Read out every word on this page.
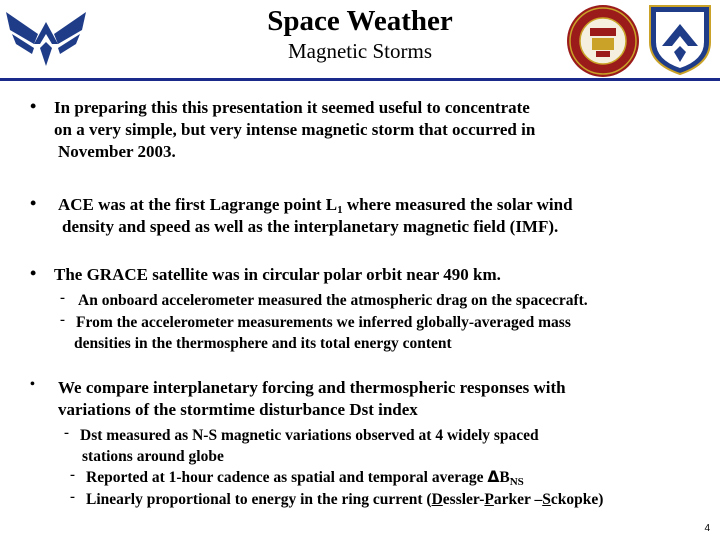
Space Weather
Magnetic Storms
• In preparing this this presentation it seemed useful to concentrate

on a very simple, but very intense magnetic storm that occurred in

November 2003.

• ACE was at the first Lagrange point $L_1$ where measured the solar wind

density and speed as well as the interplanetary magnetic field (IMF).

• The GRACE satellite was in circular polar orbit near 490 km.

- An onboard accelerometer measured the atmospheric drag on the spacecraft.

- From the accelerometer measurements we inferred globally-averaged mass

densities in the thermosphere and its total energy content

• We compare interplanetary forcing and thermospheric responses with

variations of the stormtime disturbance Dst index

- Dst measured as N-S magnetic variations observed at 4 widely spaced

stations around globe

- Reported at 1-hour cadence as spatial and temporal average $\Delta B_{NS}$

- Linearly proportional to energy in the ring current (Dessler-Parker –Sckopke)

4
